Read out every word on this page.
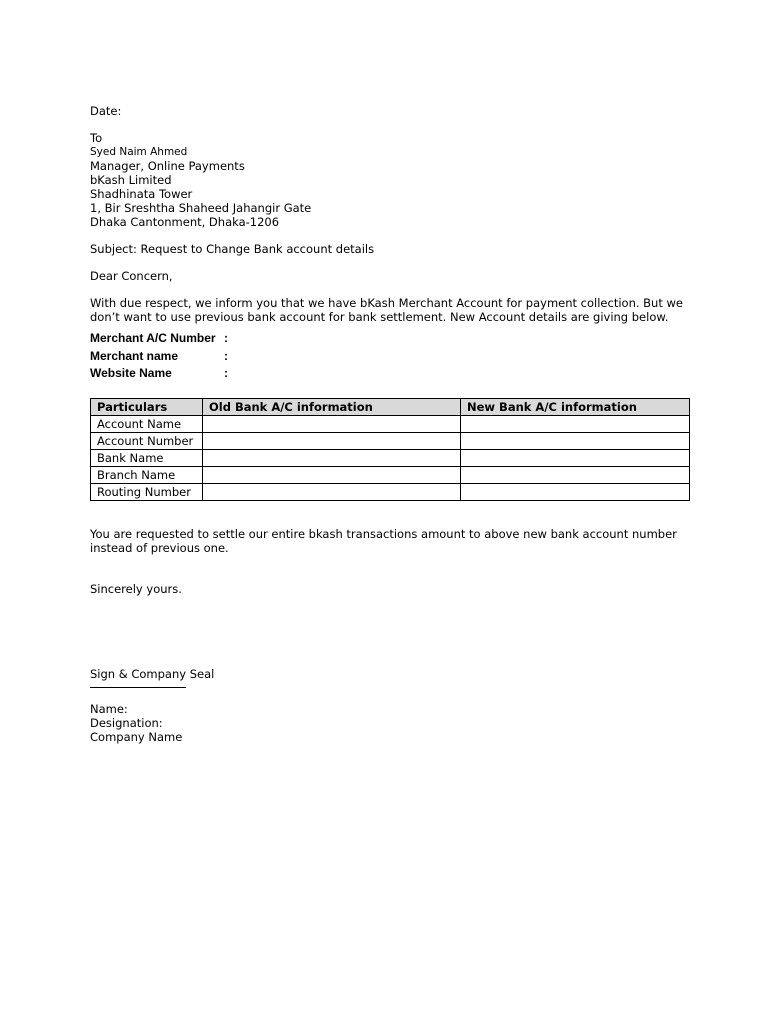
Date:
To
Syed Naim Ahmed
Manager, Online Payments
bKash Limited
Shadhinata Tower
1, Bir Sreshtha Shaheed Jahangir Gate
Dhaka Cantonment, Dhaka-1206
Subject: Request to Change Bank account details
Dear Concern,
With due respect, we inform you that we have bKash Merchant Account for payment collection. But we don’t want to use previous bank account for bank settlement. New Account details are giving below.
Merchant A/C Number :
Merchant name	:
Website Name	:
Particulars	Old Bank A/C information	New Bank A/C information
Account Name		
Account Number		
Bank Name		
Branch Name		
Routing Number		
You are requested to settle our entire bkash transactions amount to above new bank account number instead of previous one.
Sincerely yours.
Sign & Company Seal
Name:
Designation:
Company Name
